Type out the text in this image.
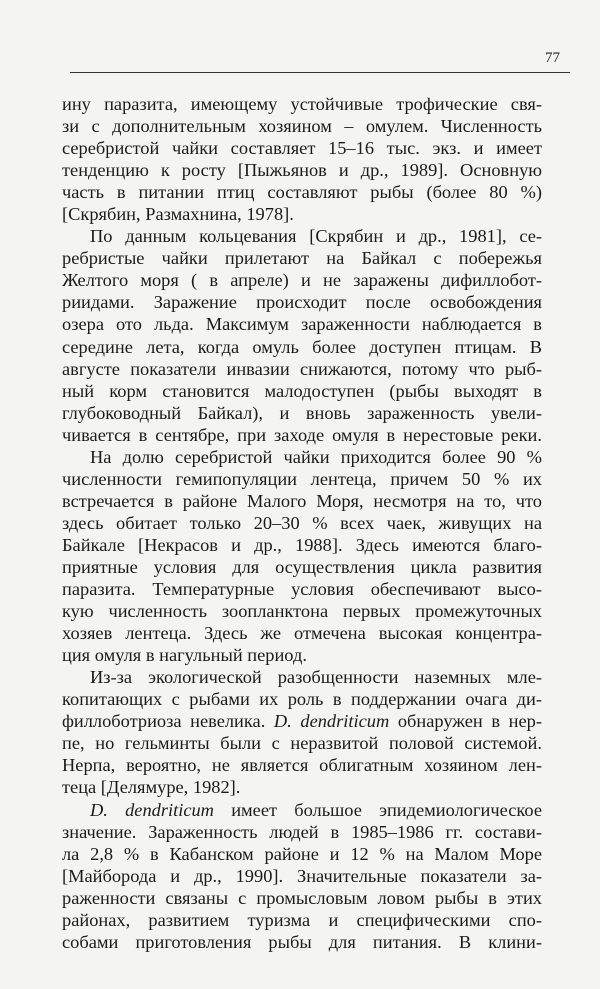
77
ину паразита, имеющему устойчивые трофические свя-
зи с дополнительным хозяином – омулем. Численность
серебристой чайки составляет 15–16 тыс. экз. и имеет
тенденцию к росту [Пыжьянов и др., 1989]. Основную
часть в питании птиц составляют рыбы (более 80 %)
[Скрябин, Размахнина, 1978].
По данным кольцевания [Скрябин и др., 1981], се-
ребристые чайки прилетают на Байкал с побережья
Желтого моря ( в апреле) и не заражены дифиллобот-
риидами. Заражение происходит после освобождения
озера ото льда. Максимум зараженности наблюдается в
середине лета, когда омуль более доступен птицам. В
августе показатели инвазии снижаются, потому что рыб-
ный корм становится малодоступен (рыбы выходят в
глубоководный Байкал), и вновь зараженность увели-
чивается в сентябре, при заходе омуля в нерестовые реки.
На долю серебристой чайки приходится более 90 %
численности гемипопуляции лентеца, причем 50 % их
встречается в районе Малого Моря, несмотря на то, что
здесь обитает только 20–30 % всех чаек, живущих на
Байкале [Некрасов и др., 1988]. Здесь имеются благо-
приятные условия для осуществления цикла развития
паразита. Температурные условия обеспечивают высо-
кую численность зоопланктона первых промежуточных
хозяев лентеца. Здесь же отмечена высокая концентра-
ция омуля в нагульный период.
Из-за экологической разобщенности наземных мле-
копитающих с рыбами их роль в поддержании очага ди-
филлоботриоза невелика. D. dendriticum обнаружен в нер-
пе, но гельминты были с неразвитой половой системой.
Нерпа, вероятно, не является облигатным хозяином лен-
теца [Делямуре, 1982].
D. dendriticum имеет большое эпидемиологическое
значение. Зараженность людей в 1985–1986 гг. состави-
ла 2,8 % в Кабанском районе и 12 % на Малом Море
[Майборода и др., 1990]. Значительные показатели за-
раженности связаны с промысловым ловом рыбы в этих
районах, развитием туризма и специфическими спо-
собами приготовления рыбы для питания. В клини-
